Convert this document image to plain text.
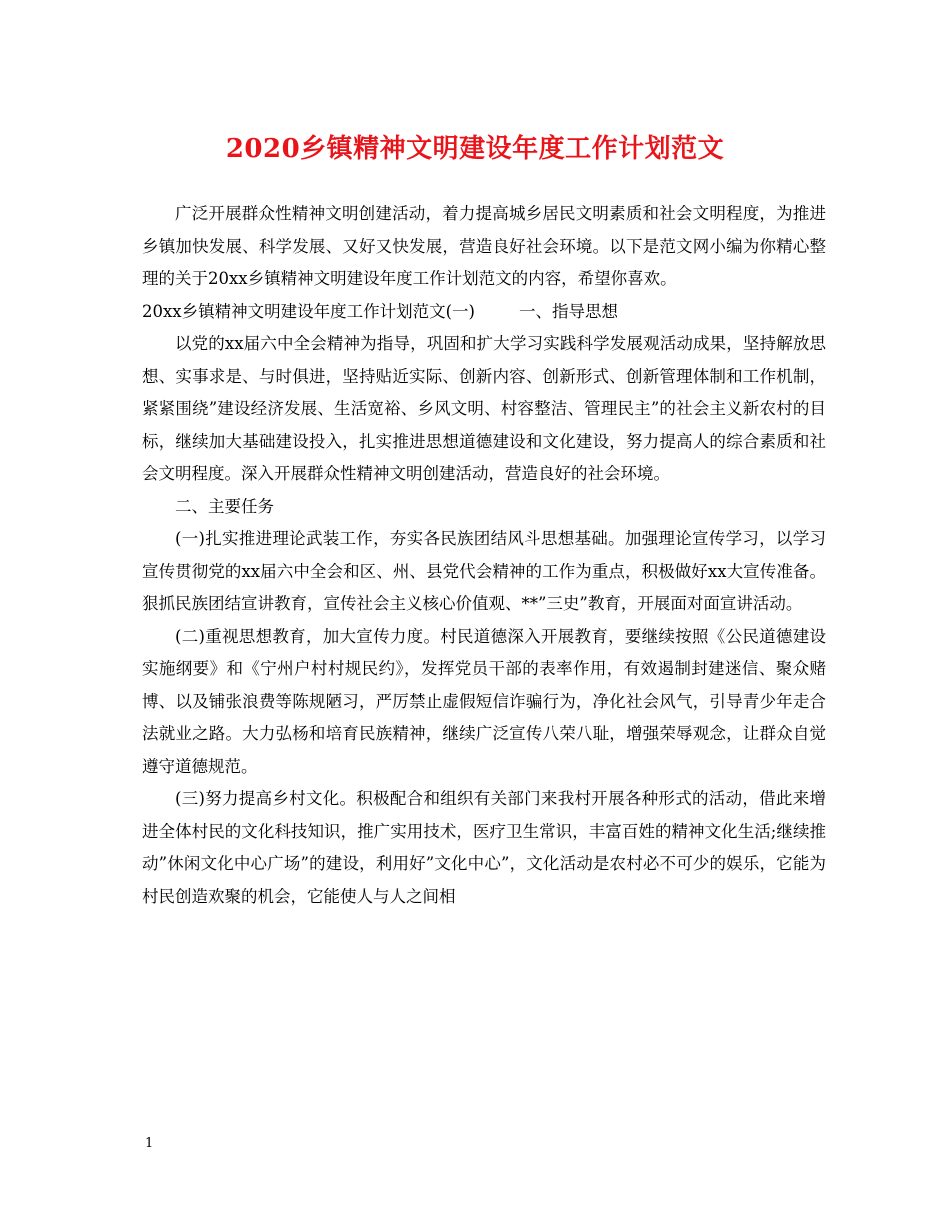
2020乡镇精神文明建设年度工作计划范文

广泛开展群众性精神文明创建活动，着力提高城乡居民文明素质和社会文明程度，为推进乡镇加快发展、科学发展、又好又快发展，营造良好社会环境。以下是范文网小编为你精心整理的关于20xx乡镇精神文明建设年度工作计划范文的内容，希望你喜欢。

20xx乡镇精神文明建设年度工作计划范文(一)	一、指导思想

以党的xx届六中全会精神为指导，巩固和扩大学习实践科学发展观活动成果，坚持解放思想、实事求是、与时俱进，坚持贴近实际、创新内容、创新形式、创新管理体制和工作机制，紧紧围绕”建设经济发展、生活宽裕、乡风文明、村容整洁、管理民主”的社会主义新农村的目标，继续加大基础建设投入，扎实推进思想道德建设和文化建设，努力提高人的综合素质和社会文明程度。深入开展群众性精神文明创建活动，营造良好的社会环境。

二、主要任务

(一)扎实推进理论武装工作，夯实各民族团结风斗思想基础。加强理论宣传学习，以学习宣传贯彻党的xx届六中全会和区、州、县党代会精神的工作为重点，积极做好xx大宣传准备。狠抓民族团结宣讲教育，宣传社会主义核心价值观、**”三史”教育，开展面对面宣讲活动。

(二)重视思想教育，加大宣传力度。村民道德深入开展教育，要继续按照《公民道德建设实施纲要》和《宁州户村村规民约》，发挥党员干部的表率作用，有效遏制封建迷信、聚众赌博、以及铺张浪费等陈规陋习，严厉禁止虚假短信诈骗行为，净化社会风气，引导青少年走合法就业之路。大力弘杨和培育民族精神，继续广泛宣传八荣八耻，增强荣辱观念，让群众自觉遵守道德规范。

(三)努力提高乡村文化。积极配合和组织有关部门来我村开展各种形式的活动，借此来增进全体村民的文化科技知识，推广实用技术，医疗卫生常识，丰富百姓的精神文化生活;继续推动”休闲文化中心广场”的建设，利用好”文化中心”，文化活动是农村必不可少的娱乐，它能为村民创造欢聚的机会，它能使人与人之间相

1
